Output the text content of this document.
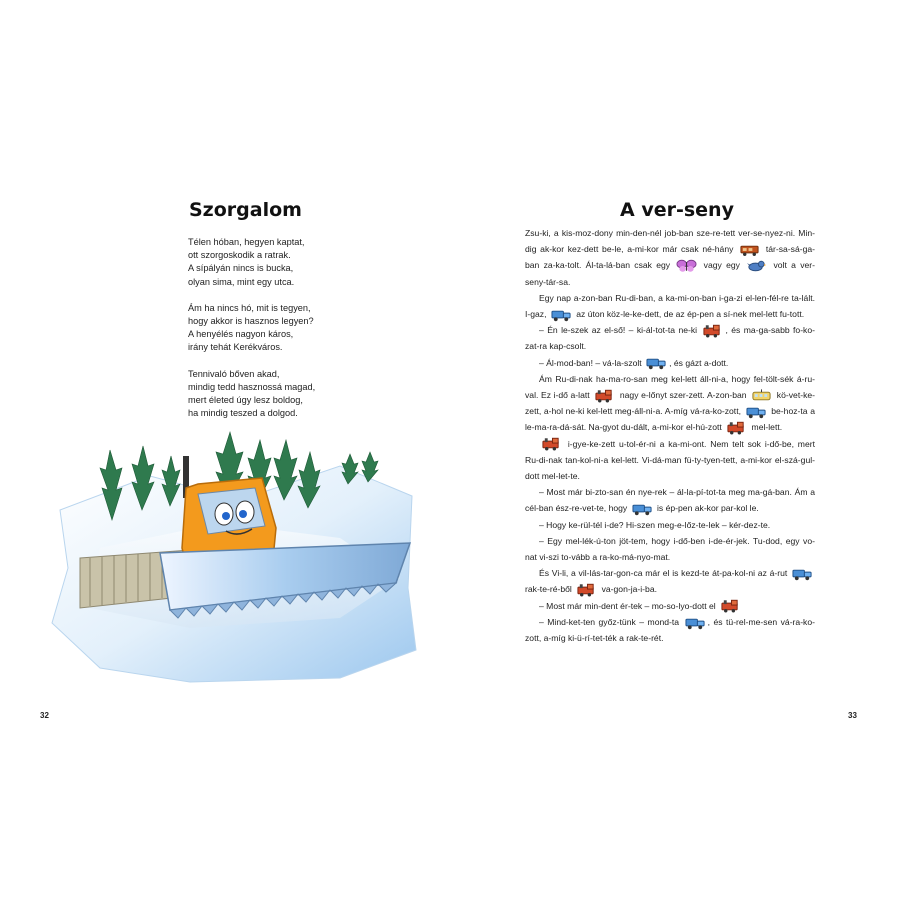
Szorgalom
Télen hóban, hegyen kaptat,
ott szorgoskodik a ratrak.
A sípályán nincs is bucka,
olyan sima, mint egy utca.
Ám ha nincs hó, mit is tegyen,
hogy akkor is hasznos legyen?
A henyélés nagyon káros,
irány tehát Kerékváros.
Tennivaló bőven akad,
mindig tedd hasznossá magad,
mert életed úgy lesz boldog,
ha mindig teszed a dolgod.
32
A ver-seny

Zsu-ki, a kis-moz-dony min-den-nél job-ban sze-re-tett ver-se-nyez-ni. Min-dig ak-kor kez-dett be-le, a-mi-kor már csak né-hány	tár-sa-sá-ga-ban za-ka-tolt. Ál-ta-lá-ban csak egy	vagy egy	volt a ver-seny-tár-sa.

Egy nap a-zon-ban Ru-di-ban, a ka-mi-on-ban i-ga-zi el-len-fél-re ta-lált. I-gaz,	az úton köz-le-ke-dett, de az ép-pen a sí-nek mel-lett fu-tott.

– Én le-szek az el-ső! – ki-ál-tot-ta ne-ki	, és ma-ga-sabb fo-ko-zat-ra kap-csolt.

– Ál-mod-ban! – vá-la-szolt	, és gázt a-dott.

Ám Ru-di-nak ha-ma-ro-san meg kel-lett áll-ni-a, hogy fel-tölt-sék á-ru-val. Ez i-dő a-latt	nagy e-lőnyt szer-zett. A-zon-ban	kö-vet-ke-zett, a-hol ne-ki kel-lett meg-áll-ni-a. A-míg vá-ra-ko-zott,	be-hoz-ta a le-ma-ra-dá-sát. Na-gyot du-dált, a-mi-kor el-hú-zott	mel-lett.

i-gye-ke-zett u-tol-ér-ni a ka-mi-ont. Nem telt sok i-dő-be, mert Ru-di-nak tan-kol-ni-a kel-lett. Vi-dá-man fü-ty-tyen-tett, a-mi-kor el-szá-gul-dott mel-let-te.

– Most már bi-zto-san én nye-rek – ál-la-pí-tot-ta meg ma-gá-ban. Ám a cél-ban ész-re-vet-te, hogy	is ép-pen ak-kor par-kol le.

– Hogy ke-rül-tél i-de? Hi-szen meg-e-lőz-te-lek – kér-dez-te.

– Egy mel-lék-ú-ton jöt-tem, hogy i-dő-ben i-de-ér-jek. Tu-dod, egy vo-nat vi-szi to-vább a ra-ko-má-nyo-mat.

És Vi-li, a vil-lás-tar-gon-ca már el is kezd-te át-pa-kol-ni az á-rut
rak-te-ré-ből	va-gon-ja-i-ba.

– Most már min-dent ér-tek – mo-so-lyo-dott el

– Mind-ket-ten győz-tünk – mond-ta	, és tü-rel-me-sen vá-ra-ko-zott, a-míg ki-ü-rí-tet-ték a rak-te-rét.

33
